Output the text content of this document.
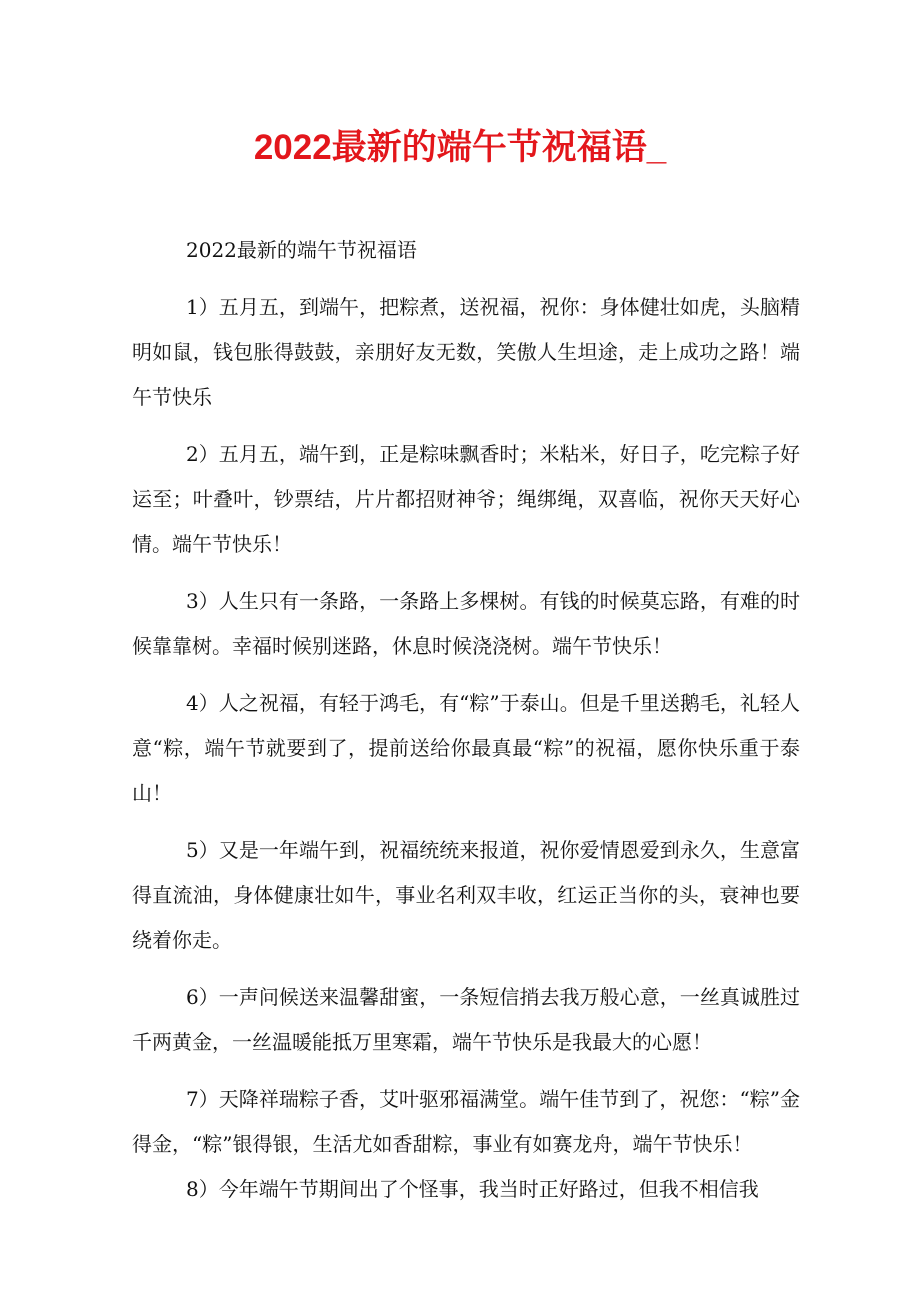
2022最新的端午节祝福语_

2022最新的端午节祝福语

1）五月五，到端午，把粽煮，送祝福，祝你：身体健壮如虎，头脑精明如鼠，钱包胀得鼓鼓，亲朋好友无数，笑傲人生坦途，走上成功之路！端午节快乐

2）五月五，端午到，正是粽味飘香时；米粘米，好日子，吃完粽子好运至；叶叠叶，钞票结，片片都招财神爷；绳绑绳，双喜临，祝你天天好心情。端午节快乐！

3）人生只有一条路，一条路上多棵树。有钱的时候莫忘路，有难的时候靠靠树。幸福时候别迷路，休息时候浇浇树。端午节快乐！

4）人之祝福，有轻于鸿毛，有“粽”于泰山。但是千里送鹅毛，礼轻人意“粽，端午节就要到了，提前送给你最真最“粽”的祝福，愿你快乐重于泰山！

5）又是一年端午到，祝福统统来报道，祝你爱情恩爱到永久，生意富得直流油，身体健康壮如牛，事业名利双丰收，红运正当你的头，衰神也要绕着你走。

6）一声问候送来温馨甜蜜，一条短信捎去我万般心意，一丝真诚胜过千两黄金，一丝温暖能抵万里寒霜，端午节快乐是我最大的心愿！

7）天降祥瑞粽子香，艾叶驱邪福满堂。端午佳节到了，祝您：“粽”金得金，“粽”银得银，生活尤如香甜粽，事业有如赛龙舟，端午节快乐！

8）今年端午节期间出了个怪事，我当时正好路过，但我不相信我
